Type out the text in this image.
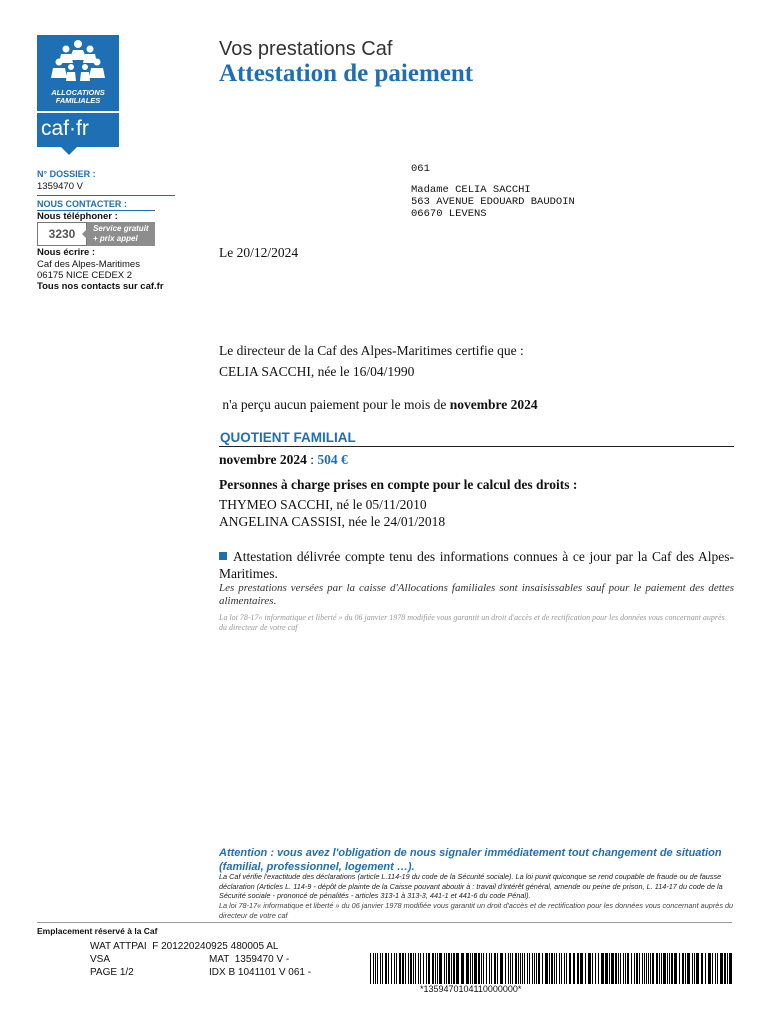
ALLOCATIONS
FAMILIALES
caf·fr
Vos prestations Caf
Attestation de paiement
N° DOSSIER :
1359470 V
NOUS CONTACTER :
Nous téléphoner :
3230	Service gratuit
+ prix appel
Nous écrire :
Caf des Alpes-Maritimes
06175 NICE CEDEX 2
Tous nos contacts sur caf.fr
061
Madame CELIA SACCHI
563 AVENUE EDOUARD BAUDOIN
06670 LEVENS
Le 20/12/2024
Le directeur de la Caf des Alpes-Maritimes certifie que :
CELIA SACCHI, née le 16/04/1990
n'a perçu aucun paiement pour le mois de novembre 2024
QUOTIENT FAMILIAL
novembre 2024 : 504 €
Personnes à charge prises en compte pour le calcul des droits :
THYMEO SACCHI, né le 05/11/2010
ANGELINA CASSISI, née le 24/01/2018
Attestation délivrée compte tenu des informations connues à ce jour par la Caf des Alpes-Maritimes.
Les prestations versées par la caisse d'Allocations familiales sont insaisissables sauf pour le paiement des dettes alimentaires.
La loi 78-17« informatique et liberté » du 06 janvier 1978 modifiée vous garantit un droit d'accès et de rectification pour les données vous concernant auprès du directeur de votre caf
Attention : vous avez l'obligation de nous signaler immédiatement tout changement de situation (familial, professionnel, logement …).
La Caf vérifie l'exactitude des déclarations (article L.114-19 du code de la Sécurité sociale). La loi punit quiconque se rend coupable de fraude ou de fausse déclaration (Articles L. 114-9 - dépôt de plainte de la Caisse pouvant aboutir à : travail d'intérêt général, amende ou peine de prison, L. 114-17 du code de la Sécurité sociale - prononcé de pénalités - articles 313-1 à 313-3, 441-1 et 441-6 du code Pénal).
La loi 78-17« informatique et liberté » du 06 janvier 1978 modifiée vous garantit un droit d'accès et de rectification pour les données vous concernant auprès du directeur de votre caf
Emplacement réservé à la Caf
WAT ATTPAI  F 201220240925 480005 AL
VSA	MAT  1359470 V -
PAGE 1/2	IDX B 1041101 V 061 -
*1359470104110000000*
